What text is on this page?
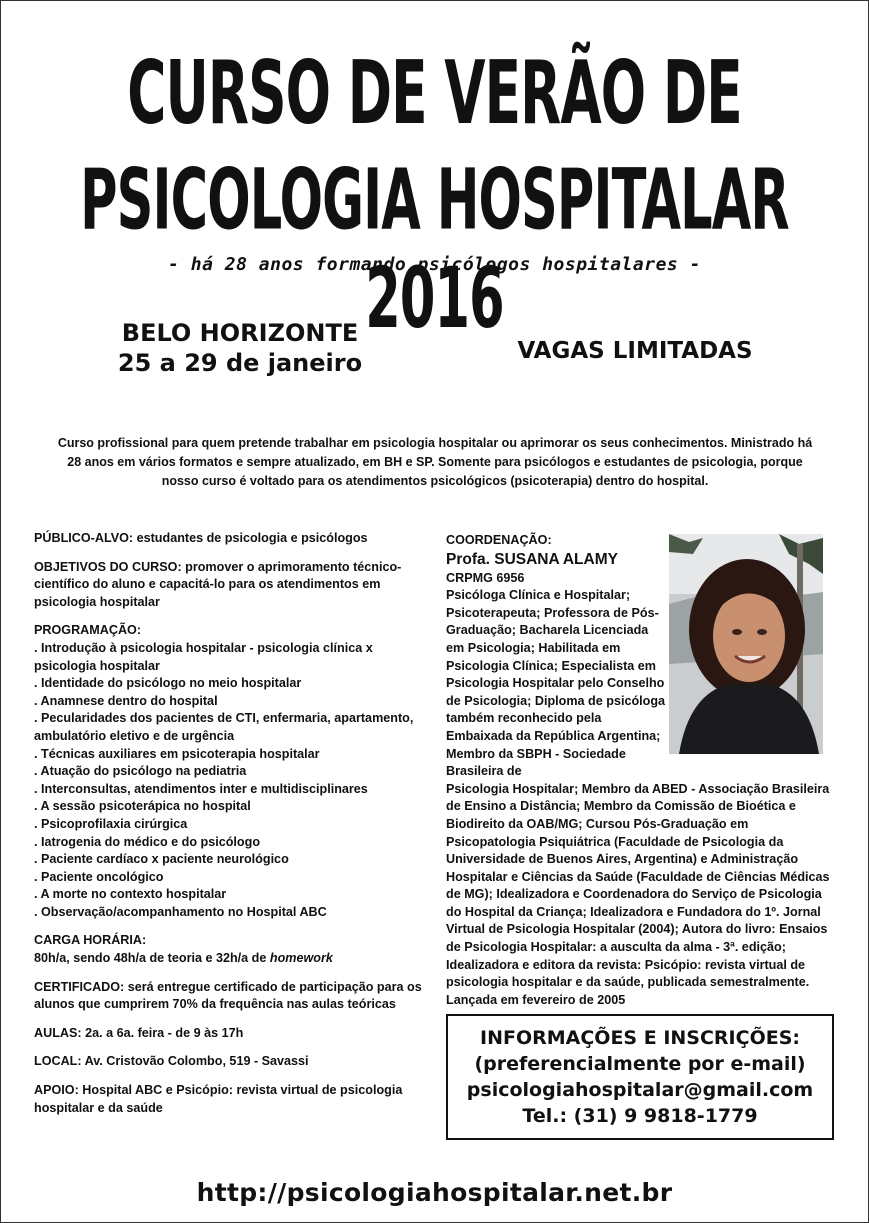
CURSO DE VERÃO DE
PSICOLOGIA HOSPITALAR 2016
- há 28 anos formando psicólogos hospitalares -
BELO HORIZONTE
25 a 29 de janeiro	VAGAS LIMITADAS
Curso profissional para quem pretende trabalhar em psicologia hospitalar ou aprimorar os seus conhecimentos. Ministrado há 28 anos em vários formatos e sempre atualizado, em BH e SP. Somente para psicólogos e estudantes de psicologia, porque nosso curso é voltado para os atendimentos psicológicos (psicoterapia) dentro do hospital.
PÚBLICO-ALVO: estudantes de psicologia e psicólogos
OBJETIVOS DO CURSO: promover o aprimoramento técnico-científico do aluno e capacitá-lo para os atendimentos em psicologia hospitalar
PROGRAMAÇÃO:
. Introdução à psicologia hospitalar - psicologia clínica x psicologia hospitalar
. Identidade do psicólogo no meio hospitalar
. Anamnese dentro do hospital
. Pecularidades dos pacientes de CTI, enfermaria, apartamento, ambulatório eletivo e de urgência
. Técnicas auxiliares em psicoterapia hospitalar
. Atuação do psicólogo na pediatria
. Interconsultas, atendimentos inter e multidisciplinares
. A sessão psicoterápica no hospital
. Psicoprofilaxia cirúrgica
. Iatrogenia do médico e do psicólogo
. Paciente cardíaco x paciente neurológico
. Paciente oncológico
. A morte no contexto hospitalar
. Observação/acompanhamento no Hospital ABC
CARGA HORÁRIA:
80h/a, sendo 48h/a de teoria e 32h/a de homework
CERTIFICADO: será entregue certificado de participação para os alunos que cumprirem 70% da frequência nas aulas teóricas
AULAS: 2a. a 6a. feira - de 9 às 17h
LOCAL: Av. Cristovão Colombo, 519 - Savassi
APOIO: Hospital ABC e Psicópio: revista virtual de psicologia hospitalar e da saúde
COORDENAÇÃO:
Profa. SUSANA ALAMY
CRPMG 6956
Psicóloga Clínica e Hospitalar; Psicoterapeuta; Professora de Pós-Graduação; Bacharela Licenciada em Psicologia; Habilitada em Psicologia Clínica; Especialista em Psicologia Hospitalar pelo Conselho de Psicologia; Diploma de psicóloga também reconhecido pela Embaixada da República Argentina; Membro da SBPH - Sociedade Brasileira de
Psicologia Hospitalar; Membro da ABED - Associação Brasileira de Ensino a Distância; Membro da Comissão de Bioética e Biodireito da OAB/MG; Cursou Pós-Graduação em Psicopatologia Psiquiátrica (Faculdade de Psicologia da Universidade de Buenos Aires, Argentina) e Administração Hospitalar e Ciências da Saúde (Faculdade de Ciências Médicas de MG); Idealizadora e Coordenadora do Serviço de Psicologia do Hospital da Criança; Idealizadora e Fundadora do 1º. Jornal Virtual de Psicologia Hospitalar (2004); Autora do livro: Ensaios de Psicologia Hospitalar: a ausculta da alma - 3ª. edição; Idealizadora e editora da revista: Psicópio: revista virtual de psicologia hospitalar e da saúde, publicada semestralmente. Lançada em fevereiro de 2005
INFORMAÇÕES E INSCRIÇÕES:
(preferencialmente por e-mail)
psicologiahospitalar@gmail.com
Tel.: (31) 9 9818-1779
http://psicologiahospitalar.net.br
